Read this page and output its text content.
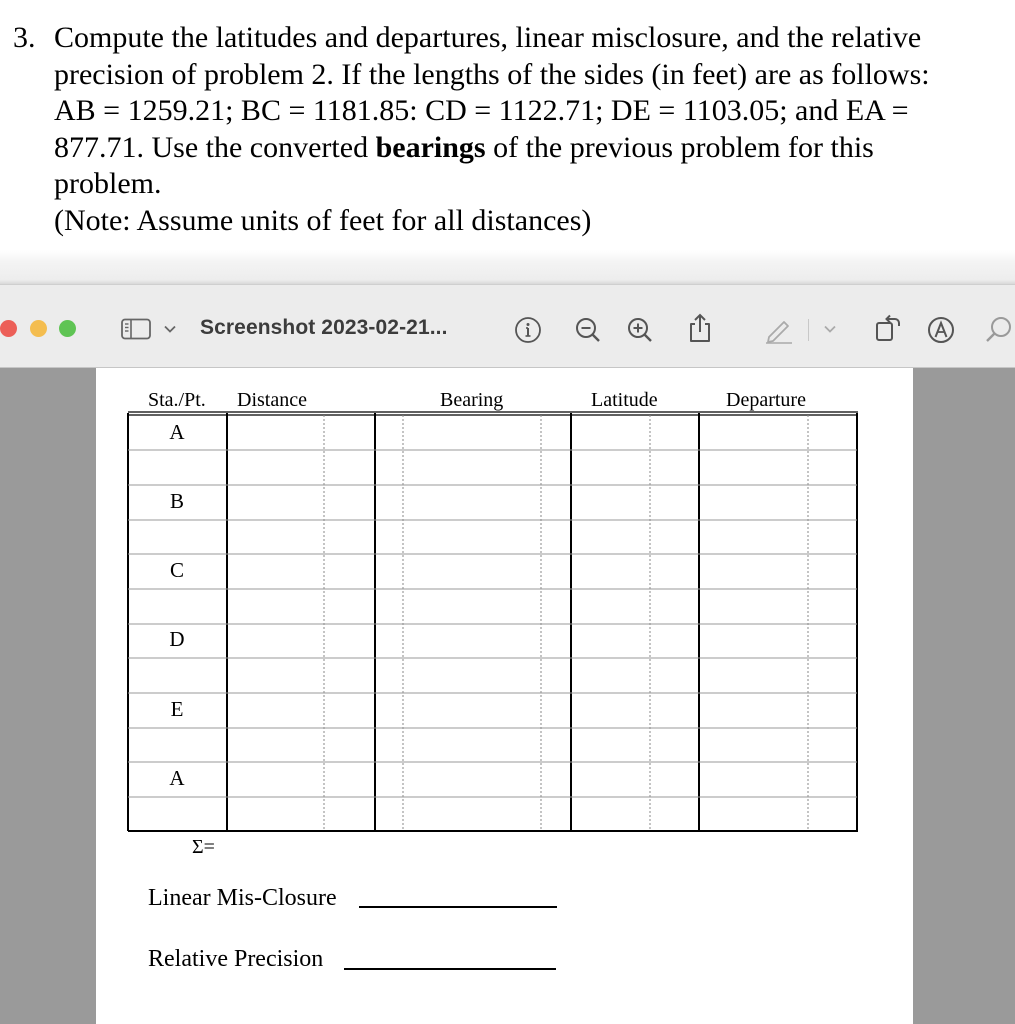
3. Compute the latitudes and departures, linear misclosure, and the relative
precision of problem 2. If the lengths of the sides (in feet) are as follows:
AB = 1259.21; BC = 1181.85: CD = 1122.71; DE = 1103.05; and EA =
877.71. Use the converted bearings of the previous problem for this
problem.
(Note: Assume units of feet for all distances)
Screenshot 2023-02-21...
Sta./Pt. Distance	Bearing	Latitude	Departure
A
B
C
D
E
A
Σ=
Linear Mis-Closure
Relative Precision
